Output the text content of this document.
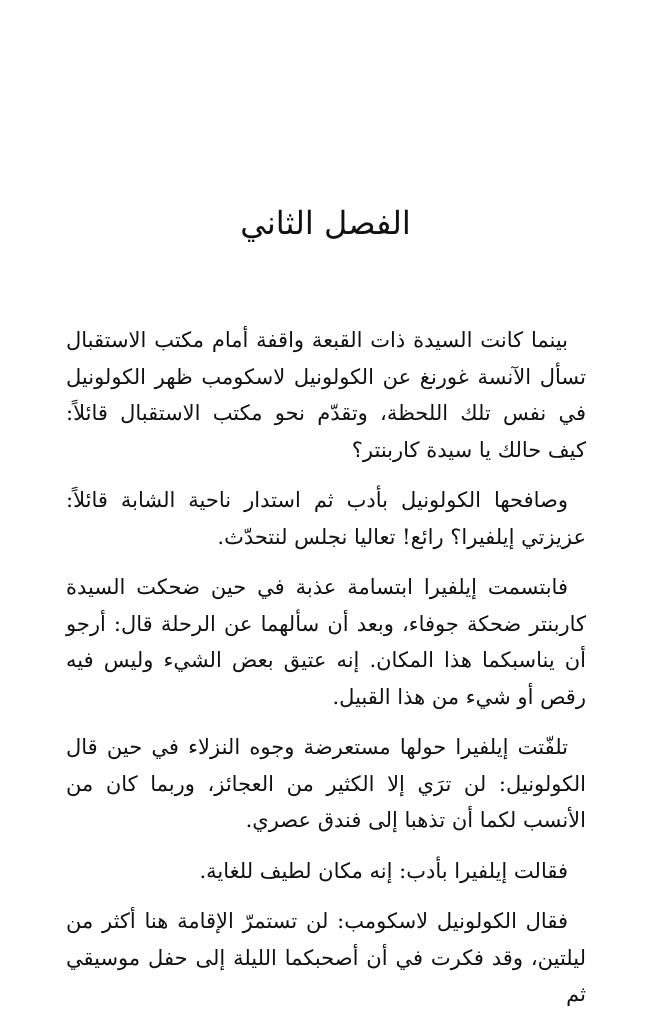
الفصل الثاني

بينما كانت السيدة ذات القبعة واقفة أمام مكتب الاستقبال تسأل الآنسة غورنغ عن الكولونيل لاسكومب ظهر الكولونيل في نفس تلك اللحظة، وتقدّم نحو مكتب الاستقبال قائلاً: كيف حالك يا سيدة كاربنتر؟

وصافحها الكولونيل بأدب ثم استدار ناحية الشابة قائلاً: عزيزتي إيلفيرا؟ رائع! تعاليا نجلس لنتحدّث.

فابتسمت إيلفيرا ابتسامة عذبة في حين ضحكت السيدة كاربنتر ضحكة جوفاء، وبعد أن سألهما عن الرحلة قال: أرجو أن يناسبكما هذا المكان. إنه عتيق بعض الشيء وليس فيه رقص أو شيء من هذا القبيل.

تلفّتت إيلفيرا حولها مستعرضة وجوه النزلاء في حين قال الكولونيل: لن ترَي إلا الكثير من العجائز، وربما كان من الأنسب لكما أن تذهبا إلى فندق عصري.

فقالت إيلفيرا بأدب: إنه مكان لطيف للغاية.

فقال الكولونيل لاسكومب: لن تستمرّ الإقامة هنا أكثر من ليلتين، وقد فكرت في أن أصحبكما الليلة إلى حفل موسيقي ثم
